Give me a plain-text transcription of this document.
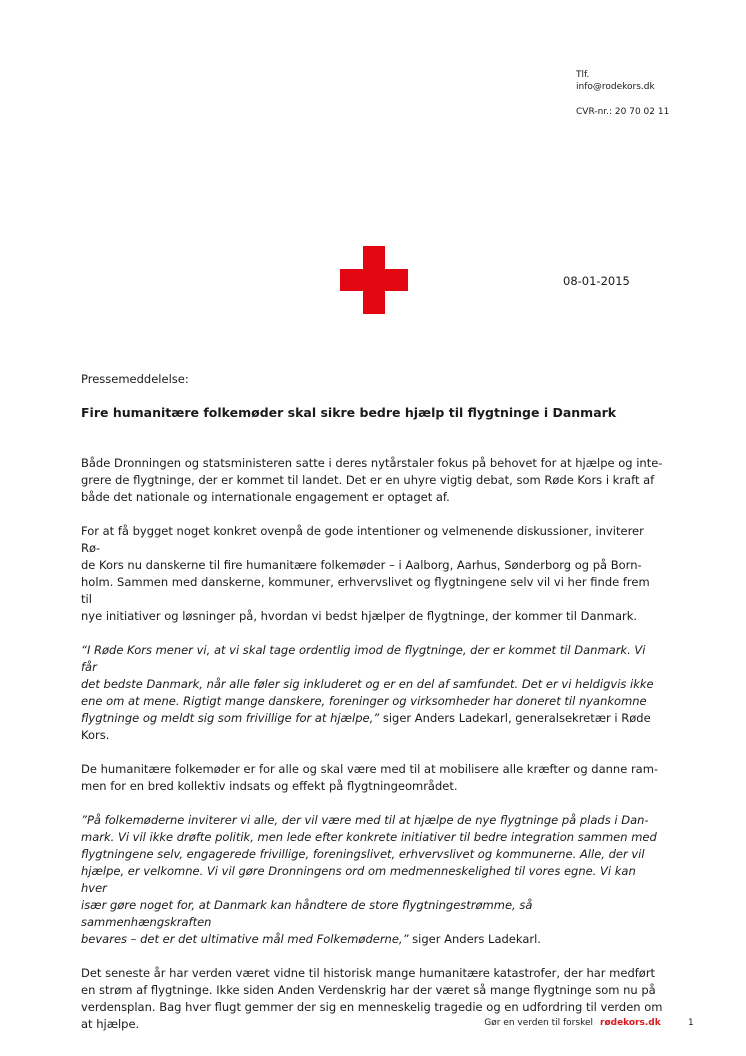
Tlf.
info@rodekors.dk
CVR-nr.: 20 70 02 11
08-01-2015

Pressemeddelelse:

Fire humanitære folkemøder skal sikre bedre hjælp til flygtninge i Danmark

Både Dronningen og statsministeren satte i deres nytårstaler fokus på behovet for at hjælpe og inte-
grere de flygtninge, der er kommet til landet. Det er en uhyre vigtig debat, som Røde Kors i kraft af
både det nationale og internationale engagement er optaget af.

For at få bygget noget konkret ovenpå de gode intentioner og velmenende diskussioner, inviterer Rø-
de Kors nu danskerne til fire humanitære folkemøder – i Aalborg, Aarhus, Sønderborg og på Born-
holm. Sammen med danskerne, kommuner, erhvervslivet og flygtningene selv vil vi her finde frem til
nye initiativer og løsninger på, hvordan vi bedst hjælper de flygtninge, der kommer til Danmark.

“I Røde Kors mener vi, at vi skal tage ordentlig imod de flygtninge, der er kommet til Danmark. Vi får
det bedste Danmark, når alle føler sig inkluderet og er en del af samfundet. Det er vi heldigvis ikke
ene om at mene. Rigtigt mange danskere, foreninger og virksomheder har doneret til nyankomne
flygtninge og meldt sig som frivillige for at hjælpe,” siger Anders Ladekarl, generalsekretær i Røde
Kors.

De humanitære folkemøder er for alle og skal være med til at mobilisere alle kræfter og danne ram-
men for en bred kollektiv indsats og effekt på flygtningeområdet.

”På folkemøderne inviterer vi alle, der vil være med til at hjælpe de nye flygtninge på plads i Dan-
mark. Vi vil ikke drøfte politik, men lede efter konkrete initiativer til bedre integration sammen med
flygtningene selv, engagerede frivillige, foreningslivet, erhvervslivet og kommunerne. Alle, der vil
hjælpe, er velkomne. Vi vil gøre Dronningens ord om medmenneskelighed til vores egne. Vi kan hver
især gøre noget for, at Danmark kan håndtere de store flygtningestrømme, så sammenhængskraften
bevares – det er det ultimative mål med Folkemøderne,” siger Anders Ladekarl.

Det seneste år har verden været vidne til historisk mange humanitære katastrofer, der har medført
en strøm af flygtninge. Ikke siden Anden Verdenskrig har der været så mange flygtninge som nu på
verdensplan. Bag hver flugt gemmer der sig en menneskelig tragedie og en udfordring til verden om
at hjælpe.	Gør en verden til forskel rødekors.dk	1
